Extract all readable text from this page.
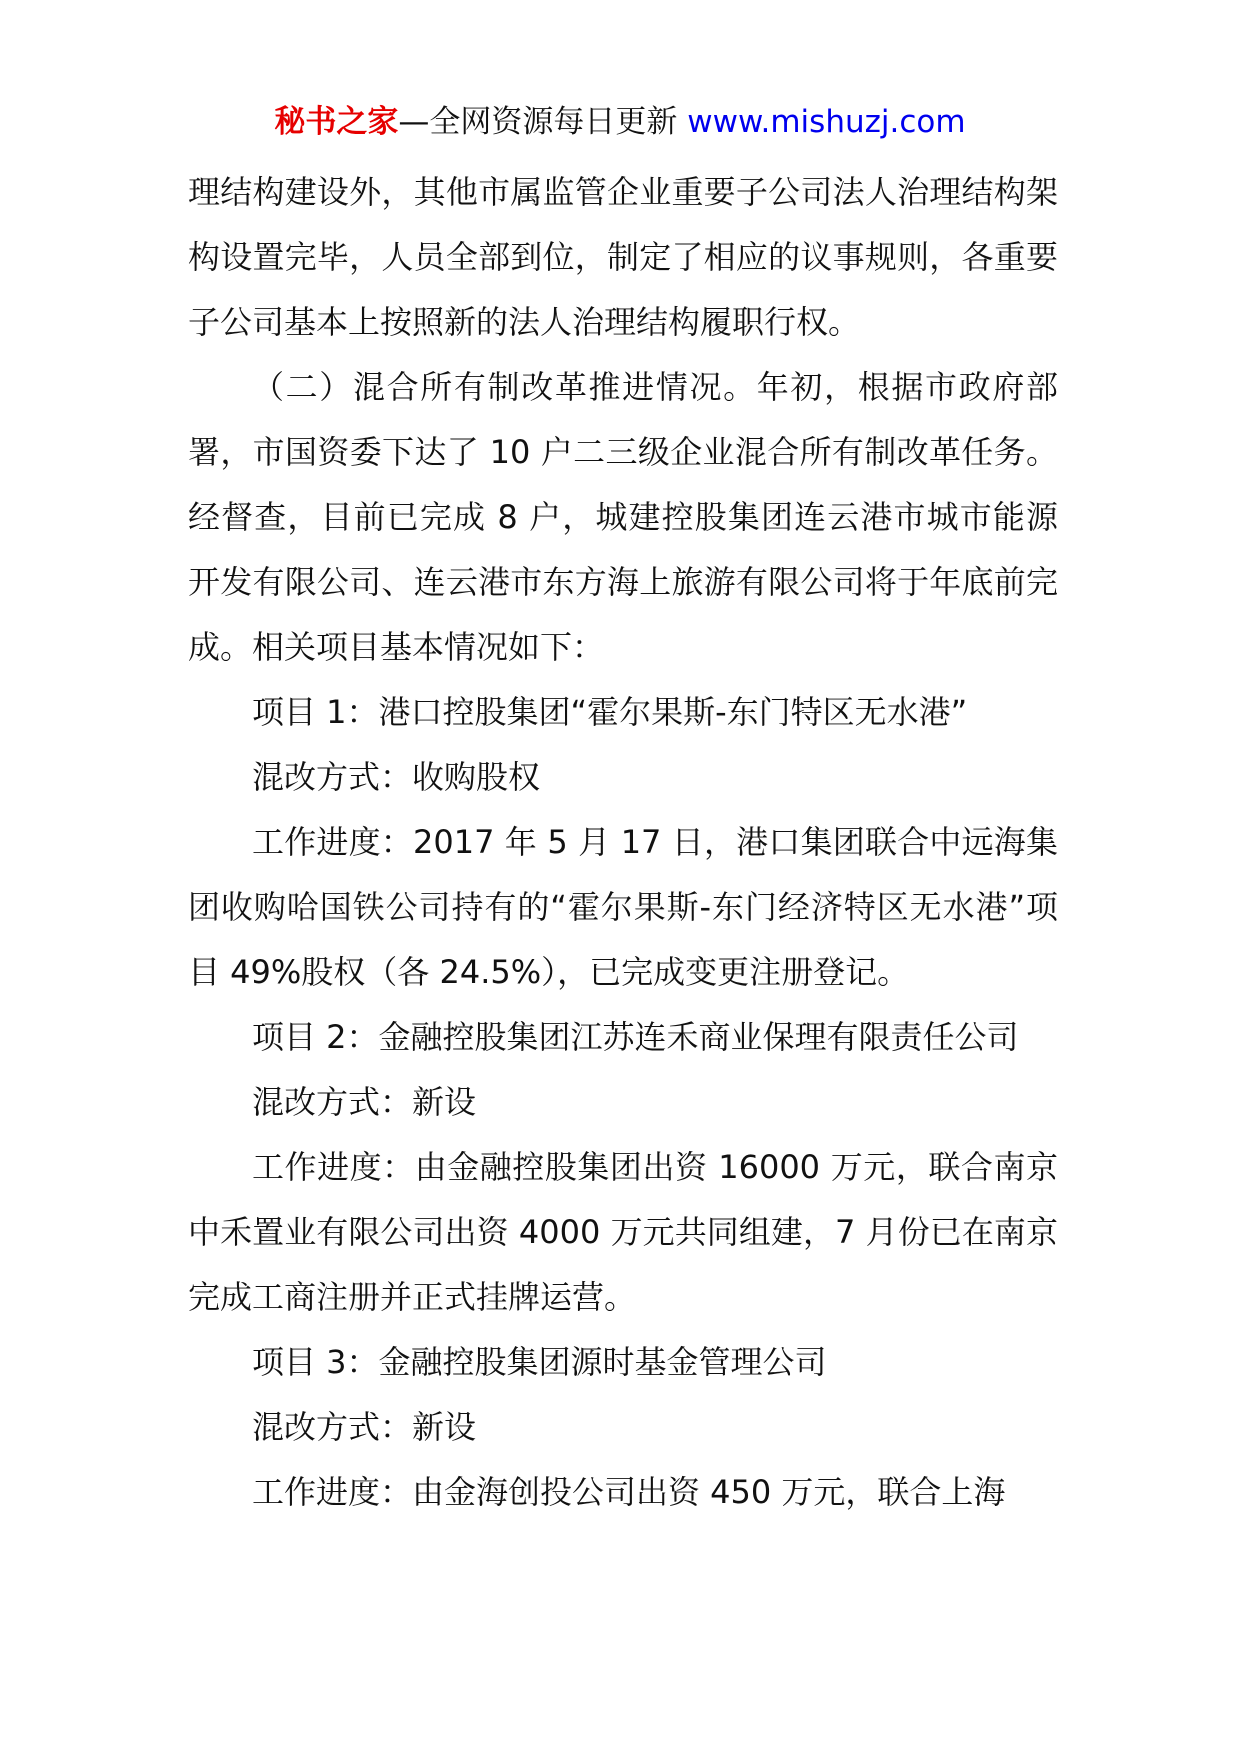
秘书之家—全网资源每日更新 www.mishuzj.com

理结构建设外，其他市属监管企业重要子公司法人治理结构架构设置完毕，人员全部到位，制定了相应的议事规则，各重要子公司基本上按照新的法人治理结构履职行权。

（二）混合所有制改革推进情况。年初，根据市政府部署，市国资委下达了 10 户二三级企业混合所有制改革任务。经督查，目前已完成 8 户，城建控股集团连云港市城市能源开发有限公司、连云港市东方海上旅游有限公司将于年底前完成。相关项目基本情况如下：

项目 1：港口控股集团“霍尔果斯-东门特区无水港”

混改方式：收购股权

工作进度：2017 年 5 月 17 日，港口集团联合中远海集团收购哈国铁公司持有的“霍尔果斯-东门经济特区无水港”项目 49%股权（各 24.5%），已完成变更注册登记。

项目 2：金融控股集团江苏连禾商业保理有限责任公司

混改方式：新设

工作进度：由金融控股集团出资 16000 万元，联合南京中禾置业有限公司出资 4000 万元共同组建，7 月份已在南京完成工商注册并正式挂牌运营。

项目 3：金融控股集团源时基金管理公司

混改方式：新设

工作进度：由金海创投公司出资 450 万元，联合上海
